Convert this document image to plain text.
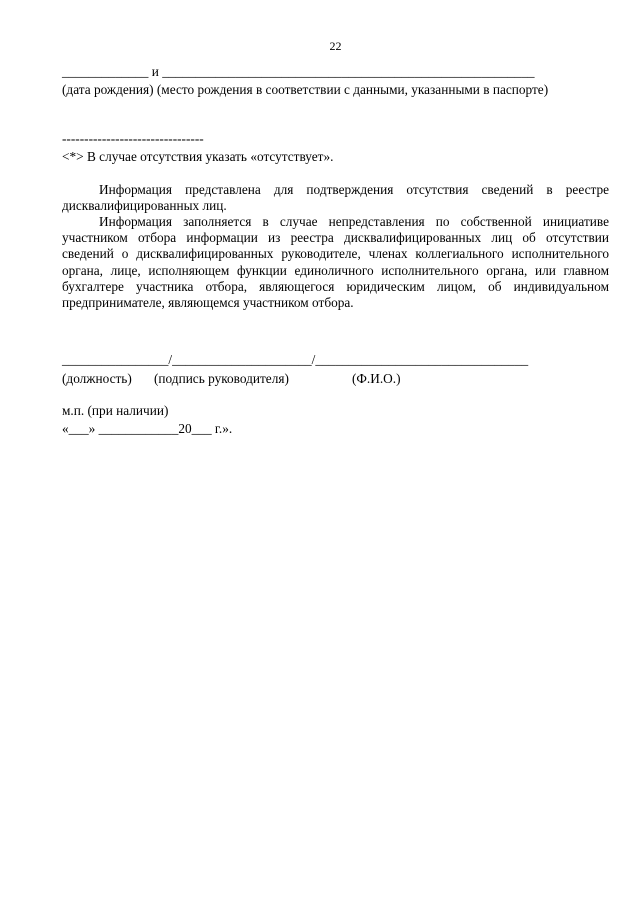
22
_____________ и ________________________________________________________
(дата рождения) (место рождения в соответствии с данными, указанными в паспорте)
--------------------------------
<*> В случае отсутствия указать «отсутствует».
Информация представлена для подтверждения отсутствия сведений в реестре дисквалифицированных лиц.
Информация заполняется в случае непредставления по собственной инициативе участником отбора информации из реестра дисквалифицированных лиц об отсутствии сведений о дисквалифицированных руководителе, членах коллегиального исполнительного органа, лице, исполняющем функции единоличного исполнительного органа, или главном бухгалтере участника отбора, являющегося юридическим лицом, об индивидуальном предпринимателе, являющемся участником отбора.
________________/_____________________/________________________________
(должность)	(подпись руководителя)	(Ф.И.О.)
м.п. (при наличии)
«___» ____________20___ г.».
